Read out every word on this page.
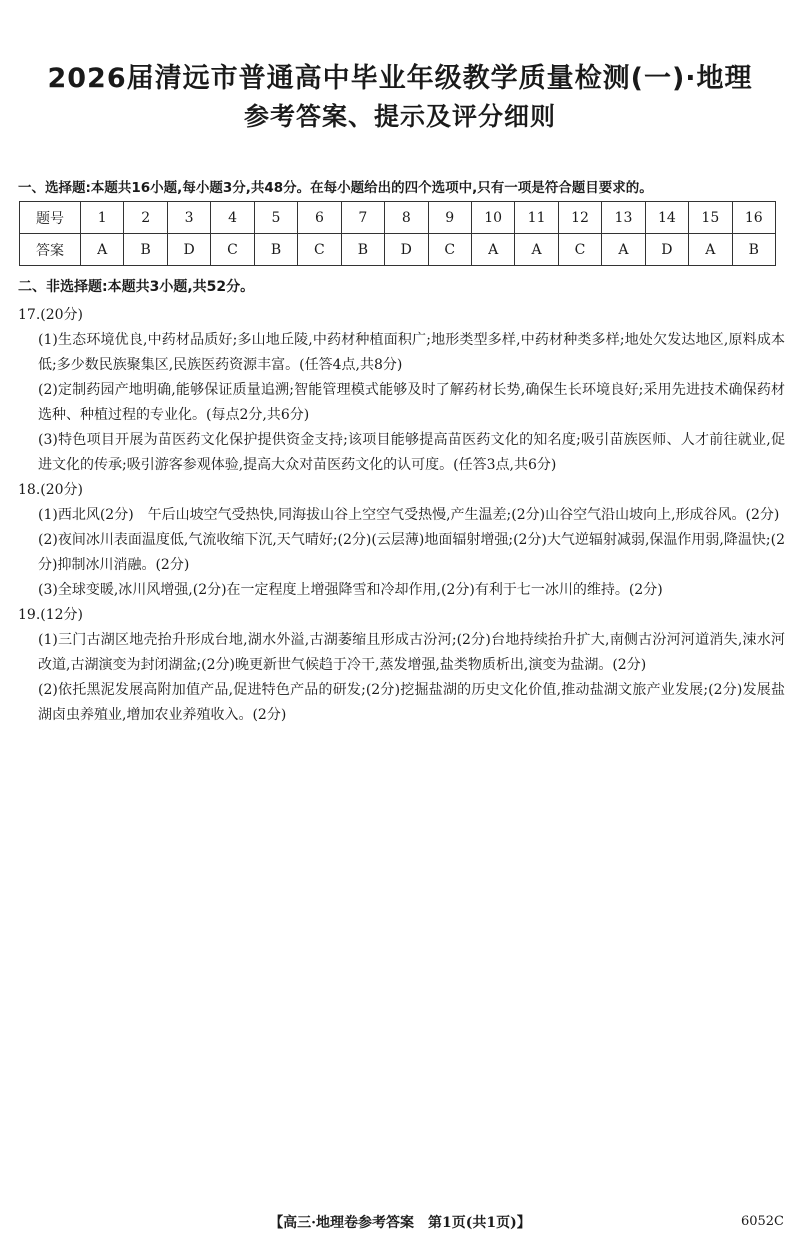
2026届清远市普通高中毕业年级教学质量检测(一)·地理
参考答案、提示及评分细则
一、选择题:本题共16小题,每小题3分,共48分。在每小题给出的四个选项中,只有一项是符合题目要求的。
题号	1	2	3	4	5	6	7	8	9	10	11	12	13	14	15	16
答案	A	B	D	C	B	C	B	D	C	A	A	C	A	D	A	B
二、非选择题:本题共3小题,共52分。

17.(20分)

(1)生态环境优良,中药材品质好;多山地丘陵,中药材种植面积广;地形类型多样,中药材种类多样;地处欠发达地区,原料成本低;多少数民族聚集区,民族医药资源丰富。(任答4点,共8分)

(2)定制药园产地明确,能够保证质量追溯;智能管理模式能够及时了解药材长势,确保生长环境良好;采用先进技术确保药材选种、种植过程的专业化。(每点2分,共6分)

(3)特色项目开展为苗医药文化保护提供资金支持;该项目能够提高苗医药文化的知名度;吸引苗族医师、人才前往就业,促进文化的传承;吸引游客参观体验,提高大众对苗医药文化的认可度。(任答3点,共6分)

18.(20分)

(1)西北风(2分)　午后山坡空气受热快,同海拔山谷上空空气受热慢,产生温差;(2分)山谷空气沿山坡向上,形成谷风。(2分)

(2)夜间冰川表面温度低,气流收缩下沉,天气晴好;(2分)(云层薄)地面辐射增强;(2分)大气逆辐射减弱,保温作用弱,降温快;(2分)抑制冰川消融。(2分)

(3)全球变暖,冰川风增强,(2分)在一定程度上增强降雪和冷却作用,(2分)有利于七一冰川的维持。(2分)

19.(12分)

(1)三门古湖区地壳抬升形成台地,湖水外溢,古湖萎缩且形成古汾河;(2分)台地持续抬升扩大,南侧古汾河河道消失,涑水河改道,古湖演变为封闭湖盆;(2分)晚更新世气候趋于冷干,蒸发增强,盐类物质析出,演变为盐湖。(2分)

(2)依托黑泥发展高附加值产品,促进特色产品的研发;(2分)挖掘盐湖的历史文化价值,推动盐湖文旅产业发展;(2分)发展盐湖卤虫养殖业,增加农业养殖收入。(2分)

【高三·地理卷参考答案　第1页(共1页)】	6052C
